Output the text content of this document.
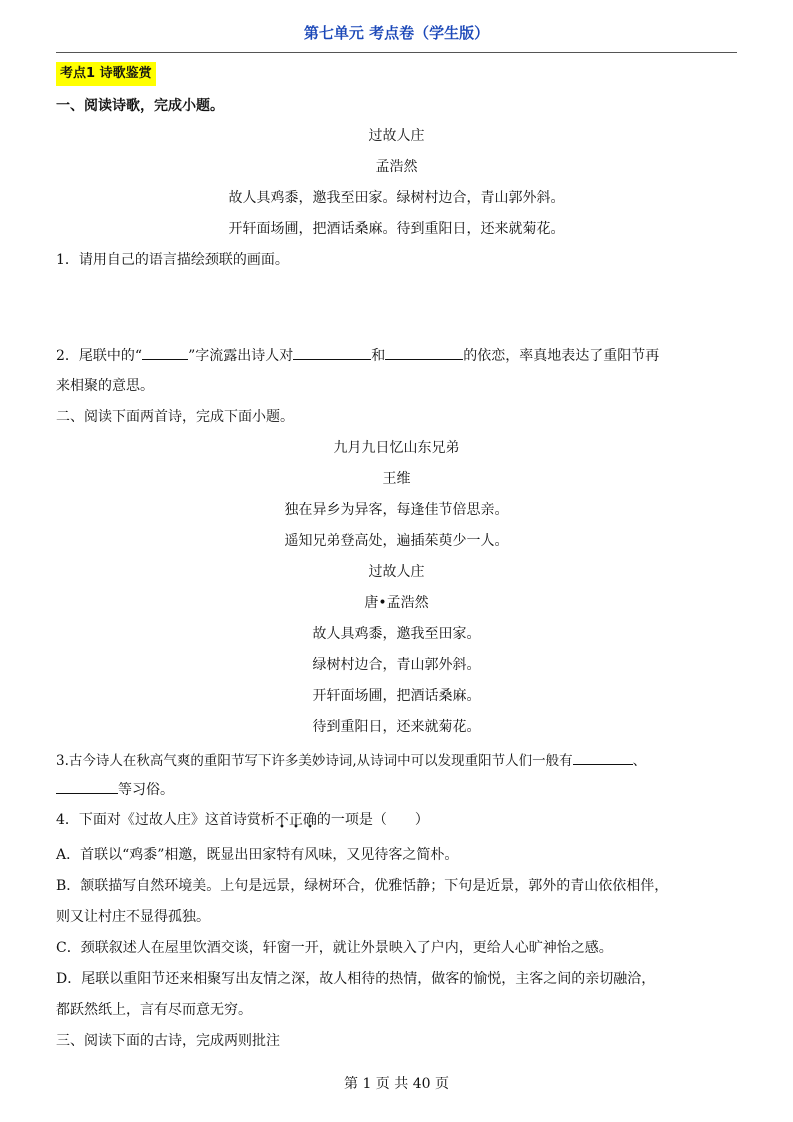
第七单元 考点卷（学生版）
考点1 诗歌鉴赏
一、阅读诗歌，完成小题。
过故人庄
孟浩然
故人具鸡黍，邀我至田家。绿树村边合，青山郭外斜。
开轩面场圃，把酒话桑麻。待到重阳日，还来就菊花。
1．请用自己的语言描绘颈联的画面。
2．尾联中的“	”字流露出诗人对	和	的依恋，率真地表达了重阳节再
来相聚的意思。
二、阅读下面两首诗，完成下面小题。
九月九日忆山东兄弟
王维
独在异乡为异客，每逢佳节倍思亲。
遥知兄弟登高处，遍插茱萸少一人。
过故人庄
唐•孟浩然
故人具鸡黍，邀我至田家。
绿树村边合，青山郭外斜。
开轩面场圃，把酒话桑麻。
待到重阳日，还来就菊花。
3.古今诗人在秋高气爽的重阳节写下许多美妙诗词,从诗词中可以发现重阳节人们一般有	、
等习俗。
4．下面对《过故人庄》这首诗赏析不正确的一项是（　　）
A．首联以“鸡黍”相邀，既显出田家特有风味，又见待客之简朴。
B．颔联描写自然环境美。上句是远景，绿树环合，优雅恬静；下句是近景，郭外的青山依依相伴，
则又让村庄不显得孤独。
C．颈联叙述人在屋里饮酒交谈，轩窗一开，就让外景映入了户内，更给人心旷神怡之感。
D．尾联以重阳节还来相聚写出友情之深，故人相待的热情，做客的愉悦，主客之间的亲切融洽，
都跃然纸上，言有尽而意无穷。
三、阅读下面的古诗，完成两则批注
第 1 页 共 40 页
